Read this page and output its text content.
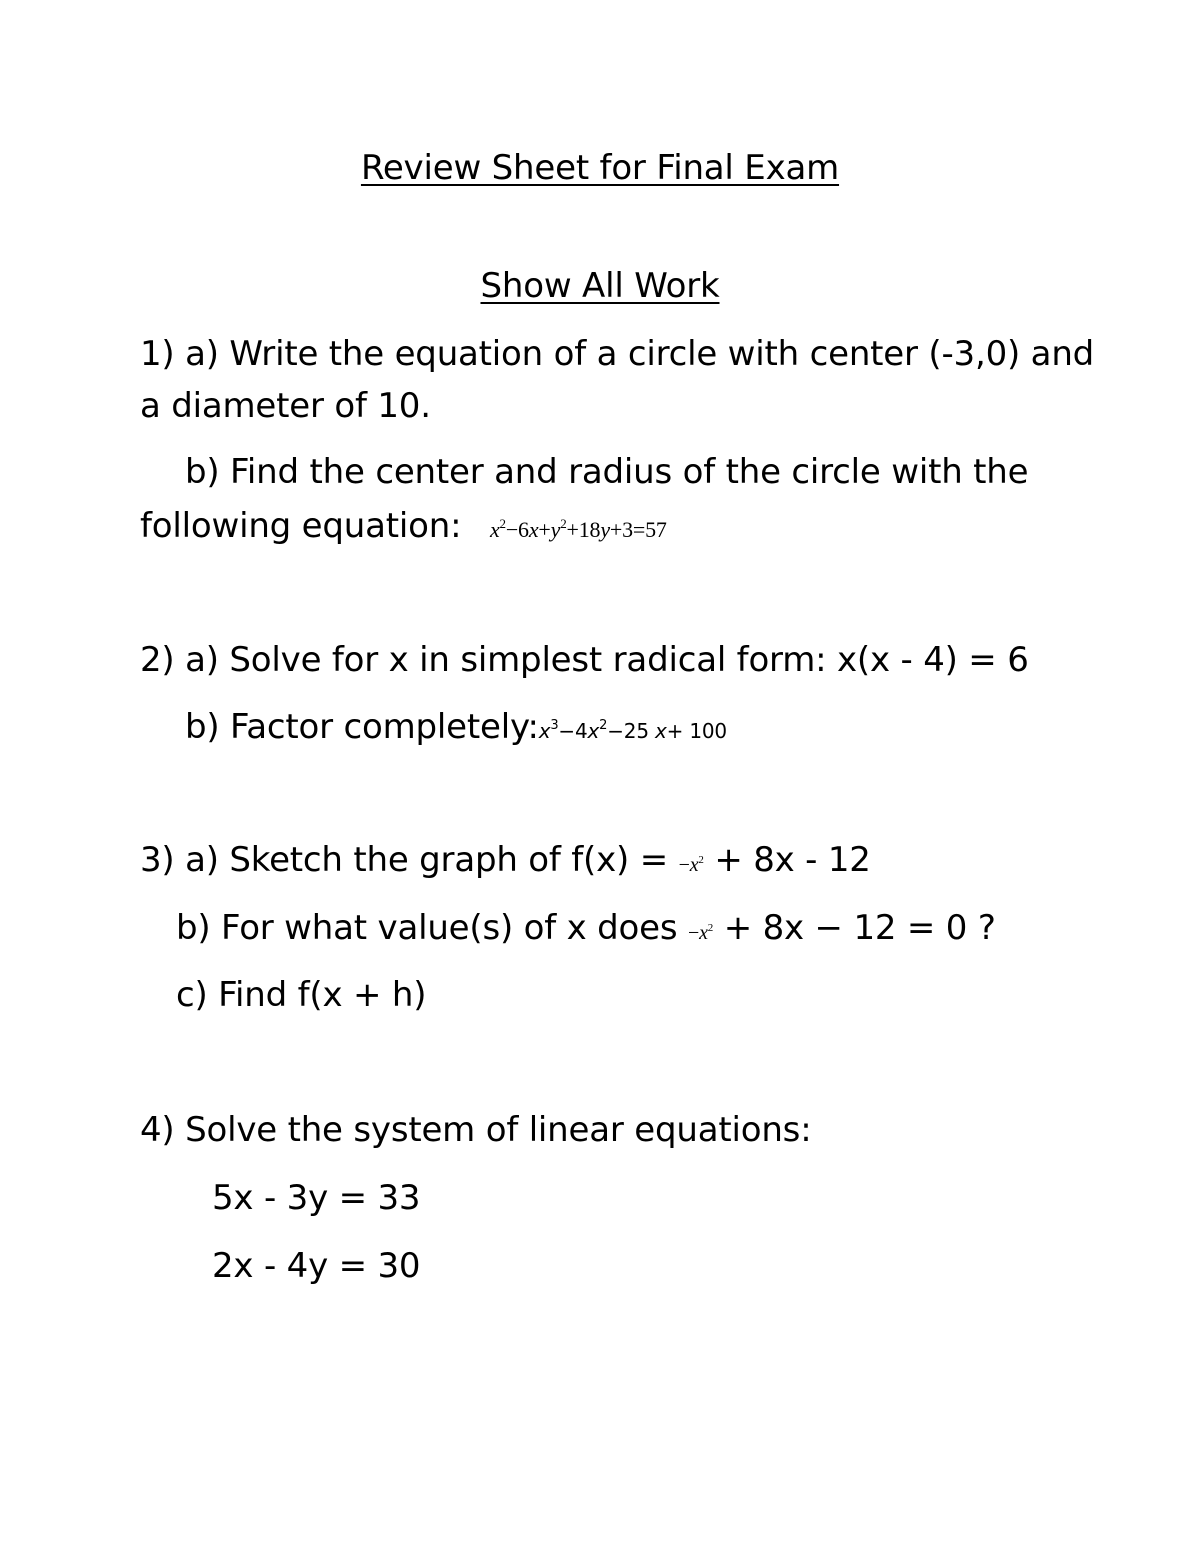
Review Sheet for Final Exam
Show All Work
1) a) Write the equation of a circle with center (-3,0) and
a diameter of 10.
b) Find the center and radius of the circle with the
following equation: $x^2-6x+y^2+18y+3=57$
2) a) Solve for x in simplest radical form: x(x - 4) = 6
b) Factor $completely:x^3-4x^2-25$ x+ 100
3) a) Sketch the graph of $f(x) = -x^2 + 8x - 12$
b) For what value(s) of x does $-x^2 + 8x - 12 = 0$ ?
c) Find f(x + h)
4) Solve the system of linear equations:
5x - 3y = 33
2x - 4y = 30
